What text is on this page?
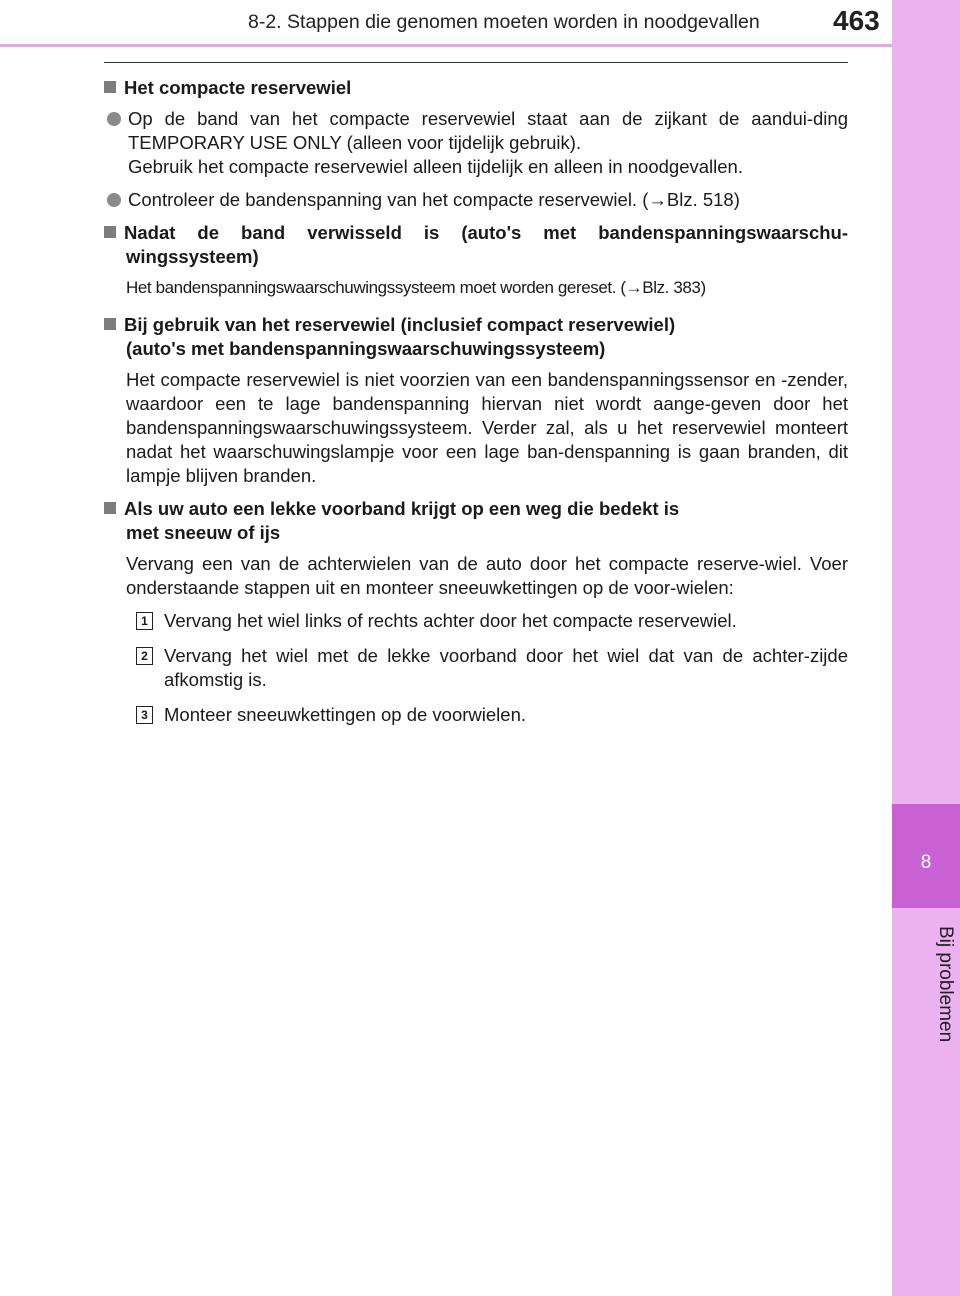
8-2. Stappen die genomen moeten worden in noodgevallen	463
8
Bij problemen
Het compacte reservewiel
Op de band van het compacte reservewiel staat aan de zijkant de aandui-ding TEMPORARY USE ONLY (alleen voor tijdelijk gebruik).
Gebruik het compacte reservewiel alleen tijdelijk en alleen in noodgevallen.
Controleer de bandenspanning van het compacte reservewiel. (→Blz. 518)
Nadat de band verwisseld is (auto's met bandenspanningswaarschu-wingssysteem)
Het bandenspanningswaarschuwingssysteem moet worden gereset. (→Blz. 383)
Bij gebruik van het reservewiel (inclusief compact reservewiel)
(auto's met bandenspanningswaarschuwingssysteem)
Het compacte reservewiel is niet voorzien van een bandenspanningssensor en -zender, waardoor een te lage bandenspanning hiervan niet wordt aange-geven door het bandenspanningswaarschuwingssysteem. Verder zal, als u het reservewiel monteert nadat het waarschuwingslampje voor een lage ban-denspanning is gaan branden, dit lampje blijven branden.
Als uw auto een lekke voorband krijgt op een weg die bedekt is
met sneeuw of ijs
Vervang een van de achterwielen van de auto door het compacte reserve-wiel. Voer onderstaande stappen uit en monteer sneeuwkettingen op de voor-wielen:
1 Vervang het wiel links of rechts achter door het compacte reservewiel.
2 Vervang het wiel met de lekke voorband door het wiel dat van de achter-zijde afkomstig is.
3 Monteer sneeuwkettingen op de voorwielen.
